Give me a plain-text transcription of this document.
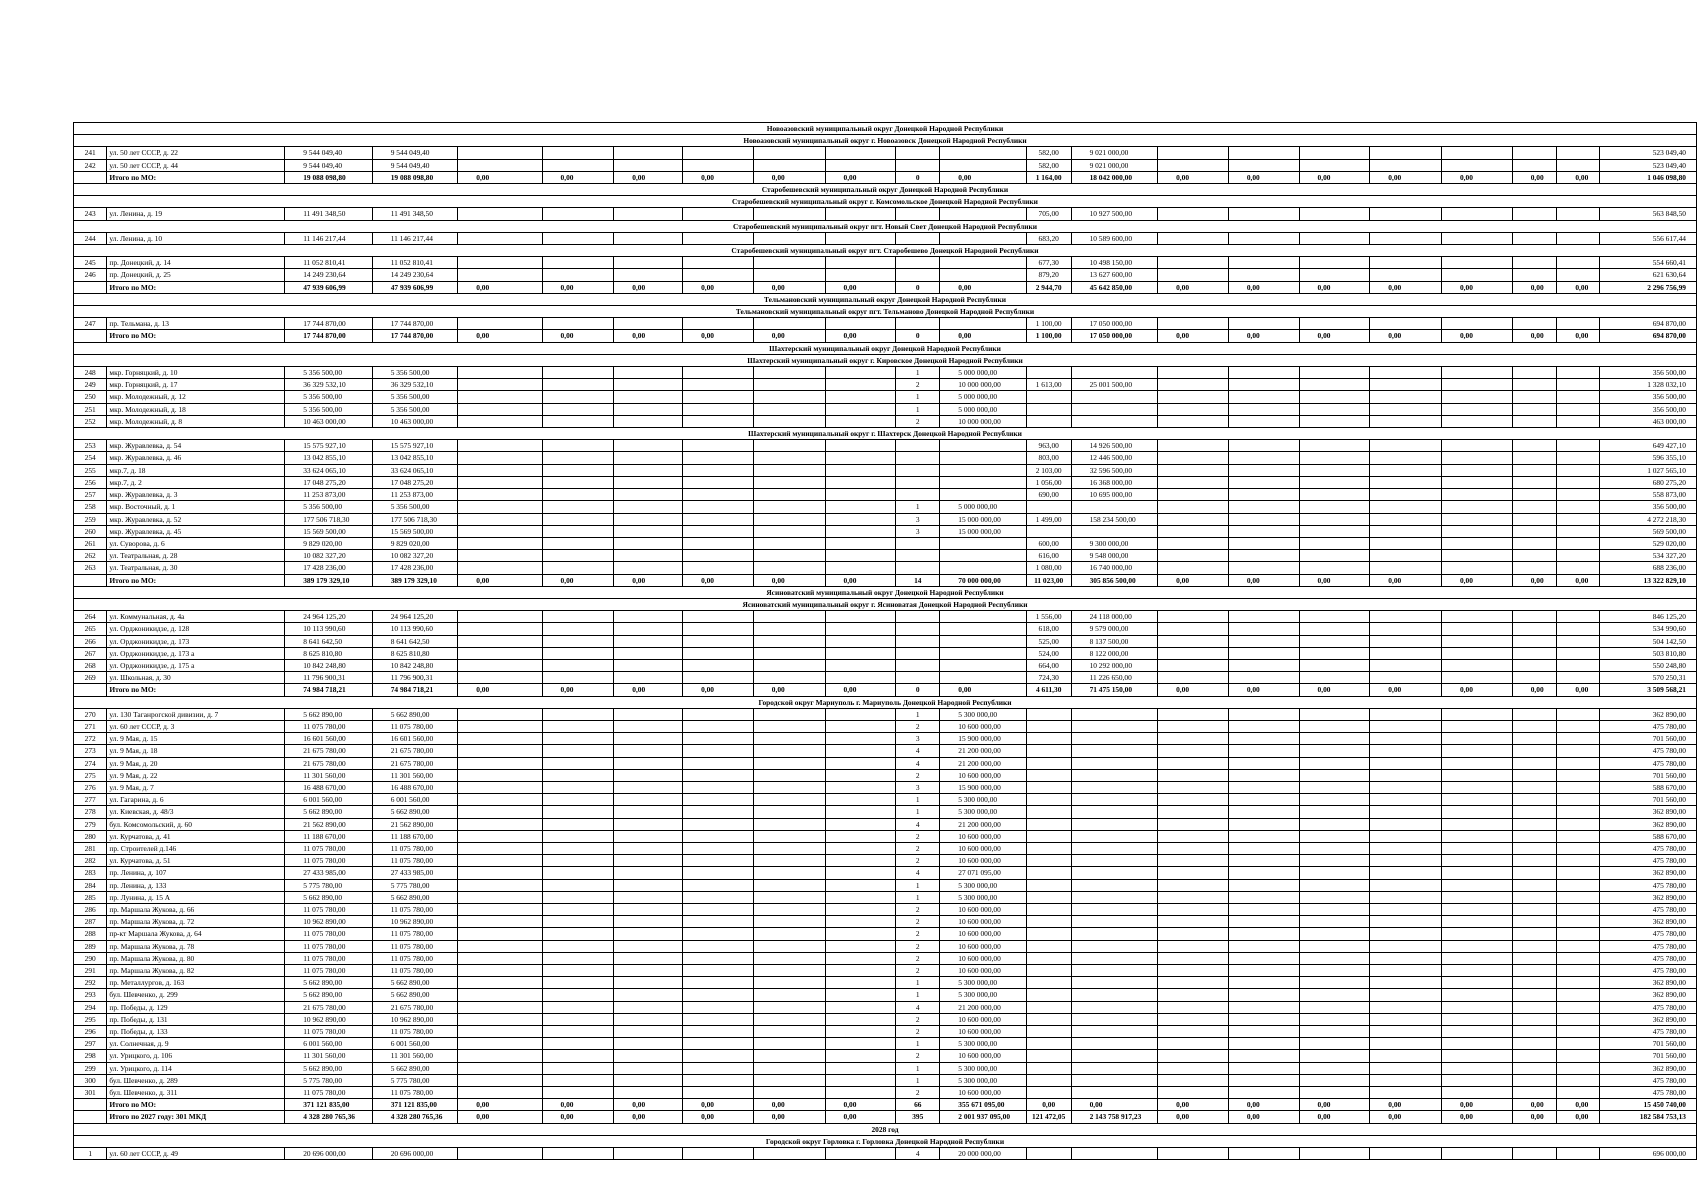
Новоазовский муниципальный округ Донецкой Народной Республики																					
Новоазовский муниципальный округ г. Новоазовск Донецкой Народной Республики																					
241	ул. 50 лет СССР, д. 22	9 544 049,40	9 544 049,40									582,00	9 021 000,00								523 049,40
242	ул. 50 лет СССР, д. 44	9 544 049,40	9 544 049,40									582,00	9 021 000,00								523 049,40
	Итого по МО:	19 088 098,80	19 088 098,80	0,00	0,00	0,00	0,00	0,00	0,00	0	0,00	1 164,00	18 042 000,00	0,00	0,00	0,00	0,00	0,00	0,00	0,00	1 046 098,80
Старобешевский муниципальный округ Донецкой Народной Республики																					
Старобешевский муниципальный округ г. Комсомольское Донецкой Народной Республики																					
243	ул. Ленина, д. 19	11 491 348,50	11 491 348,50									705,00	10 927 500,00								563 848,50
Старобешевский муниципальный округ пгт. Новый Свет Донецкой Народной Республики																					
244	ул. Ленина, д. 10	11 146 217,44	11 146 217,44									683,20	10 589 600,00								556 617,44
Старобешевский муниципальный округ пгт. Старобешево Донецкой Народной Республики																					
245	пр. Донецкий, д. 14	11 052 810,41	11 052 810,41									677,30	10 498 150,00								554 660,41
246	пр. Донецкий, д. 25	14 249 230,64	14 249 230,64									879,20	13 627 600,00								621 630,64
	Итого по МО:	47 939 606,99	47 939 606,99	0,00	0,00	0,00	0,00	0,00	0,00	0	0,00	2 944,70	45 642 850,00	0,00	0,00	0,00	0,00	0,00	0,00	0,00	2 296 756,99
Тельмановский муниципальный округ Донецкой Народной Республики																					
Тельмановский муниципальный округ пгт. Тельманово Донецкой Народной Республики																					
247	пр. Тельмана, д. 13	17 744 870,00	17 744 870,00									1 100,00	17 050 000,00								694 870,00
	Итого по МО:	17 744 870,00	17 744 870,00	0,00	0,00	0,00	0,00	0,00	0,00	0	0,00	1 100,00	17 050 000,00	0,00	0,00	0,00	0,00	0,00	0,00	0,00	694 870,00
Шахтерский муниципальный округ Донецкой Народной Республики																					
Шахтерский муниципальный округ г. Кировское Донецкой Народной Республики																					
248	мкр. Горняцкий, д. 10	5 356 500,00	5 356 500,00							1	5 000 000,00										356 500,00
249	мкр. Горняцкий, д. 17	36 329 532,10	36 329 532,10							2	10 000 000,00	1 613,00	25 001 500,00								1 328 032,10
250	мкр. Молодежный, д. 12	5 356 500,00	5 356 500,00							1	5 000 000,00										356 500,00
251	мкр. Молодежный, д. 18	5 356 500,00	5 356 500,00							1	5 000 000,00										356 500,00
252	мкр. Молодежный, д. 8	10 463 000,00	10 463 000,00							2	10 000 000,00										463 000,00
Шахтерский муниципальный округ г. Шахтерск Донецкой Народной Республики																					
253	мкр. Журавлевка, д. 54	15 575 927,10	15 575 927,10									963,00	14 926 500,00								649 427,10
254	мкр. Журавлевка, д. 46	13 042 855,10	13 042 855,10									803,00	12 446 500,00								596 355,10
255	мкр.7, д. 18	33 624 065,10	33 624 065,10									2 103,00	32 596 500,00								1 027 565,10
256	мкр.7, д. 2	17 048 275,20	17 048 275,20									1 056,00	16 368 000,00								680 275,20
257	мкр. Журавлевка, д. 3	11 253 873,00	11 253 873,00									690,00	10 695 000,00								558 873,00
258	мкр. Восточный, д. 1	5 356 500,00	5 356 500,00							1	5 000 000,00										356 500,00
259	мкр. Журавлевка, д. 52	177 506 718,30	177 506 718,30							3	15 000 000,00	1 499,00	158 234 500,00								4 272 218,30
260	мкр. Журавлевка, д. 45	15 569 500,00	15 569 500,00							3	15 000 000,00										569 500,00
261	ул. Суворова, д. 6	9 829 020,00	9 829 020,00									600,00	9 300 000,00								529 020,00
262	ул. Театральная, д. 28	10 082 327,20	10 082 327,20									616,00	9 548 000,00								534 327,20
263	ул. Театральная, д. 30	17 428 236,00	17 428 236,00									1 080,00	16 740 000,00								688 236,00
	Итого по МО:	389 179 329,10	389 179 329,10	0,00	0,00	0,00	0,00	0,00	0,00	14	70 000 000,00	11 023,00	305 856 500,00	0,00	0,00	0,00	0,00	0,00	0,00	0,00	13 322 829,10
Ясиноватский муниципальный округ Донецкой Народной Республики																					
Ясиноватский муниципальный округ г. Ясиноватая Донецкой Народной Республики																					
264	ул. Коммунальная, д. 4а	24 964 125,20	24 964 125,20									1 556,00	24 118 000,00								846 125,20
265	ул. Орджоникидзе, д. 128	10 113 990,60	10 113 990,60									618,00	9 579 000,00								534 990,60
266	ул. Орджоникидзе, д. 173	8 641 642,50	8 641 642,50									525,00	8 137 500,00								504 142,50
267	ул. Орджоникидзе, д. 173 а	8 625 810,80	8 625 810,80									524,00	8 122 000,00								503 810,80
268	ул. Орджоникидзе, д. 175 а	10 842 248,80	10 842 248,80									664,00	10 292 000,00								550 248,80
269	ул. Школьная, д. 30	11 796 900,31	11 796 900,31									724,30	11 226 650,00								570 250,31
	Итого по МО:	74 984 718,21	74 984 718,21	0,00	0,00	0,00	0,00	0,00	0,00	0	0,00	4 611,30	71 475 150,00	0,00	0,00	0,00	0,00	0,00	0,00	0,00	3 509 568,21
Городской округ Мариуполь г. Мариуполь Донецкой Народной Республики																					
270	ул. 130 Таганрогской дивизии, д. 7	5 662 890,00	5 662 890,00							1	5 300 000,00										362 890,00
271	ул. 60 лет СССР, д. 3	11 075 780,00	11 075 780,00							2	10 600 000,00										475 780,00
272	ул. 9 Мая, д. 15	16 601 560,00	16 601 560,00							3	15 900 000,00										701 560,00
273	ул. 9 Мая, д. 18	21 675 780,00	21 675 780,00							4	21 200 000,00										475 780,00
274	ул. 9 Мая, д. 20	21 675 780,00	21 675 780,00							4	21 200 000,00										475 780,00
275	ул. 9 Мая, д. 22	11 301 560,00	11 301 560,00							2	10 600 000,00										701 560,00
276	ул. 9 Мая, д. 7	16 488 670,00	16 488 670,00							3	15 900 000,00										588 670,00
277	ул. Гагарина, д. 6	6 001 560,00	6 001 560,00							1	5 300 000,00										701 560,00
278	ул. Киевская, д. 48/3	5 662 890,00	5 662 890,00							1	5 300 000,00										362 890,00
279	бул. Комсомольский, д. 60	21 562 890,00	21 562 890,00							4	21 200 000,00										362 890,00
280	ул. Курчатова, д. 41	11 188 670,00	11 188 670,00							2	10 600 000,00										588 670,00
281	пр. Строителей д.146	11 075 780,00	11 075 780,00							2	10 600 000,00										475 780,00
282	ул. Курчатова, д. 51	11 075 780,00	11 075 780,00							2	10 600 000,00										475 780,00
283	пр. Ленина, д. 107	27 433 985,00	27 433 985,00							4	27 071 095,00										362 890,00
284	пр. Ленина, д. 133	5 775 780,00	5 775 780,00							1	5 300 000,00										475 780,00
285	пр. Лунина, д. 15 А	5 662 890,00	5 662 890,00							1	5 300 000,00										362 890,00
286	пр. Маршала Жукова, д. 66	11 075 780,00	11 075 780,00							2	10 600 000,00										475 780,00
287	пр. Маршала Жукова, д. 72	10 962 890,00	10 962 890,00							2	10 600 000,00										362 890,00
288	пр-кт Маршала Жукова, д. 64	11 075 780,00	11 075 780,00							2	10 600 000,00										475 780,00
289	пр. Маршала Жукова, д. 78	11 075 780,00	11 075 780,00							2	10 600 000,00										475 780,00
290	пр. Маршала Жукова, д. 80	11 075 780,00	11 075 780,00							2	10 600 000,00										475 780,00
291	пр. Маршала Жукова, д. 82	11 075 780,00	11 075 780,00							2	10 600 000,00										475 780,00
292	пр. Металлургов, д. 163	5 662 890,00	5 662 890,00							1	5 300 000,00										362 890,00
293	бул. Шевченко, д. 299	5 662 890,00	5 662 890,00							1	5 300 000,00										362 890,00
294	пр. Победы, д. 129	21 675 780,00	21 675 780,00							4	21 200 000,00										475 780,00
295	пр. Победы, д. 131	10 962 890,00	10 962 890,00							2	10 600 000,00										362 890,00
296	пр. Победы, д. 133	11 075 780,00	11 075 780,00							2	10 600 000,00										475 780,00
297	ул. Солнечная, д. 9	6 001 560,00	6 001 560,00							1	5 300 000,00										701 560,00
298	ул. Урицкого, д. 106	11 301 560,00	11 301 560,00							2	10 600 000,00										701 560,00
299	ул. Урицкого, д. 114	5 662 890,00	5 662 890,00							1	5 300 000,00										362 890,00
300	бул. Шевченко, д. 289	5 775 780,00	5 775 780,00							1	5 300 000,00										475 780,00
301	бул. Шевченко, д. 311	11 075 780,00	11 075 780,00							2	10 600 000,00										475 780,00
	Итого по МО:	371 121 835,00	371 121 835,00	0,00	0,00	0,00	0,00	0,00	0,00	66	355 671 095,00	0,00	0,00	0,00	0,00	0,00	0,00	0,00	0,00	0,00	15 450 740,00
	Итого по 2027 году: 301 МКД	4 328 280 765,36	4 328 280 765,36	0,00	0,00	0,00	0,00	0,00	0,00	395	2 001 937 095,00	121 472,05	2 143 758 917,23	0,00	0,00	0,00	0,00	0,00	0,00	0,00	182 584 753,13
2028 год																					
Городской округ Горловка г. Горловка Донецкой Народной Республики																					
1	ул. 60 лет СССР, д. 49	20 696 000,00	20 696 000,00							4	20 000 000,00										696 000,00
